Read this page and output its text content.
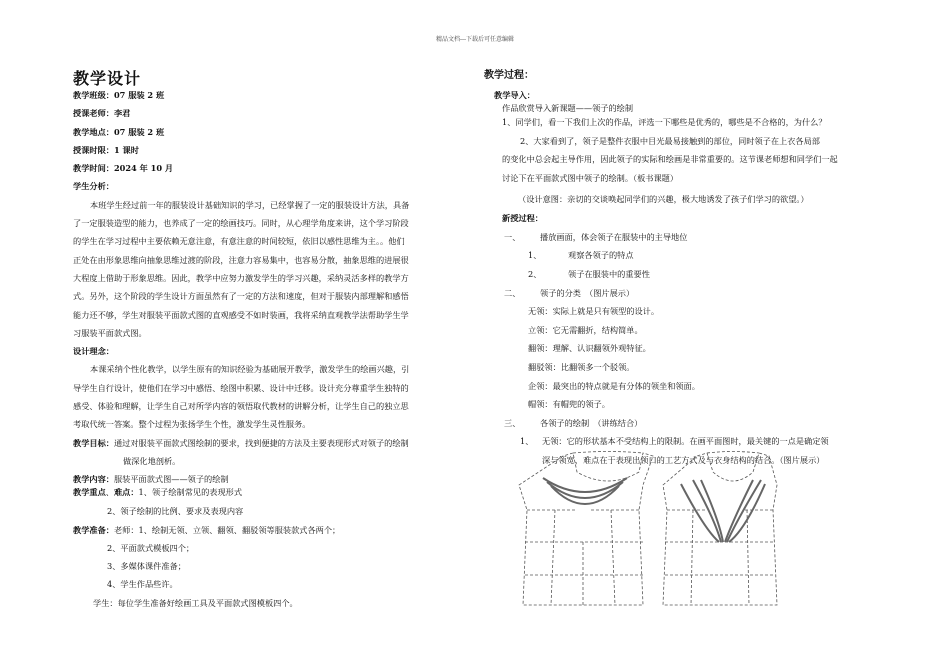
精品文档---下载后可任意编辑
教学设计
教学班级：07 服装 2 班
授课老师：李君
教学地点：07 服装 2 班
授课时限：1 课时
教学时间：2024 年 10 月
学生分析：
本班学生经过前一年的服装设计基础知识的学习，已经掌握了一定的服装设计方法，具备
了一定服装造型的能力，也养成了一定的绘画技巧。同时，从心理学角度来讲，这个学习阶段
的学生在学习过程中主要依赖无意注意，有意注意的时间较短，依旧以感性思维为主。。他们
正处在由形象思维向抽象思维过渡的阶段，注意力容易集中，也容易分散，抽象思维的进展很
大程度上借助于形象思维。因此，教学中应努力激发学生的学习兴趣，采纳灵活多样的教学方
式。另外，这个阶段的学生设计方面虽然有了一定的方法和速度，但对于服装内部理解和感悟
能力还不够，学生对服装平面款式图的直观感受不如时装画，我将采纳直观教学法帮助学生学
习服装平面款式图。
设计理念：
本课采纳个性化教学，以学生原有的知识经验为基础展开教学，激发学生的绘画兴趣，引
导学生自行设计，使他们在学习中感悟、绘图中积累、设计中迁移。设计充分尊重学生独特的
感受、体验和理解，让学生自己对所学内容的领悟取代教材的讲解分析，让学生自己的独立思
考取代统一答案。整个过程为张扬学生个性，激发学生灵性服务。
教学目标：通过对服装平面款式图绘制的要求，找到便捷的方法及主要表现形式对领子的绘制
做深化地剖析。
教学内容：服装平面款式图——领子的绘制
教学重点、难点：1、领子绘制常见的表现形式
2、领子绘制的比例、要求及表现内容
教学准备：老师：1、绘制无领、立领、翻领、翻驳领等服装款式各两个；
2、平面款式模板四个；
3、多媒体课件准备；
4、学生作品些许。
学生：每位学生准备好绘画工具及平面款式图模板四个。
教学过程：
教学导入：
作品欣赏导入新课题——领子的绘制
1、同学们，看一下我们上次的作品，评选一下哪些是优秀的，哪些是不合格的，为什么？
2、大家看到了，领子是整件衣服中目光最易接触到的部位，同时领子在上衣各局部
的变化中总会起主导作用，因此领子的实际和绘画是非常重要的。这节课老师想和同学们一起
讨论下在平面款式图中领子的绘制。（板书课题）
（设计意图：亲切的交谈唤起同学们的兴趣，极大地诱发了孩子们学习的欲望。）
新授过程：
一、 播放画面，体会领子在服装中的主导地位
1、	观察各领子的特点
2、	领子在服装中的重要性
二、 领子的分类　（图片展示）
无领：实际上就是只有领型的设计。
立领：它无需翻折，结构简单。
翻领：理解、认识翻领外观特征。
翻驳领：比翻领多一个驳领。
企领：最突出的特点就是有分体的领坐和领面。
帽领：有帽兜的领子。
三、 各领子的绘制　（讲练结合）
1、 无领：它的形状基本不受结构上的限制。在画平面图时，最关键的一点是确定领
深与领宽，难点在于表现出领口的工艺方式及与衣身结构的结合。（图片展示）
